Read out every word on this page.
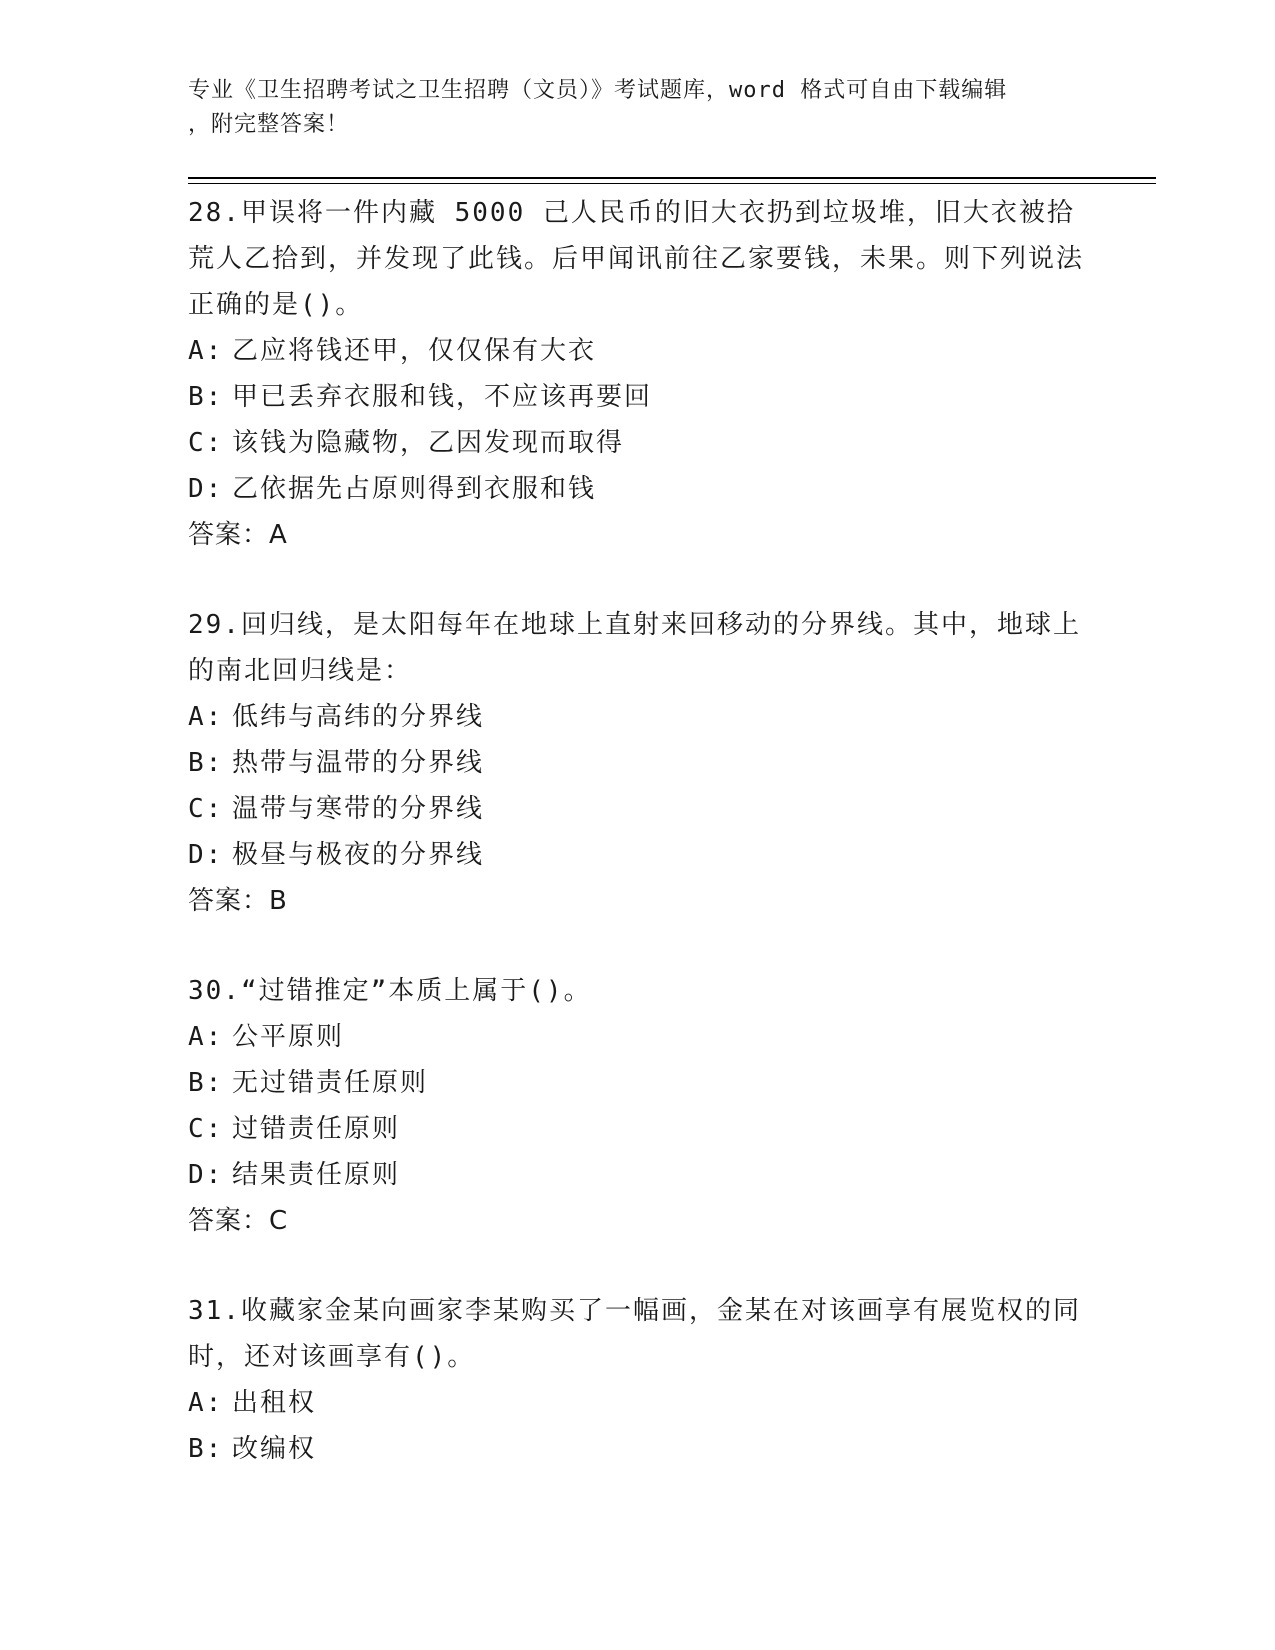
专业《卫生招聘考试之卫生招聘（文员）》考试题库，word 格式可自由下载编辑
，附完整答案！
28.甲误将一件内藏 5000 己人民币的旧大衣扔到垃圾堆，旧大衣被拾荒人乙拾到，并发现了此钱。后甲闻讯前往乙家要钱，未果。则下列说法正确的是()。
A: 乙应将钱还甲，仅仅保有大衣
B: 甲已丢弃衣服和钱，不应该再要回
C: 该钱为隐藏物，乙因发现而取得
D: 乙依据先占原则得到衣服和钱
答案：A
29.回归线，是太阳每年在地球上直射来回移动的分界线。其中，地球上的南北回归线是：
A: 低纬与高纬的分界线
B: 热带与温带的分界线
C: 温带与寒带的分界线
D: 极昼与极夜的分界线
答案：B
30.“过错推定”本质上属于()。
A: 公平原则
B: 无过错责任原则
C: 过错责任原则
D: 结果责任原则
答案：C
31.收藏家金某向画家李某购买了一幅画，金某在对该画享有展览权的同时，还对该画享有()。
A: 出租权
B: 改编权
